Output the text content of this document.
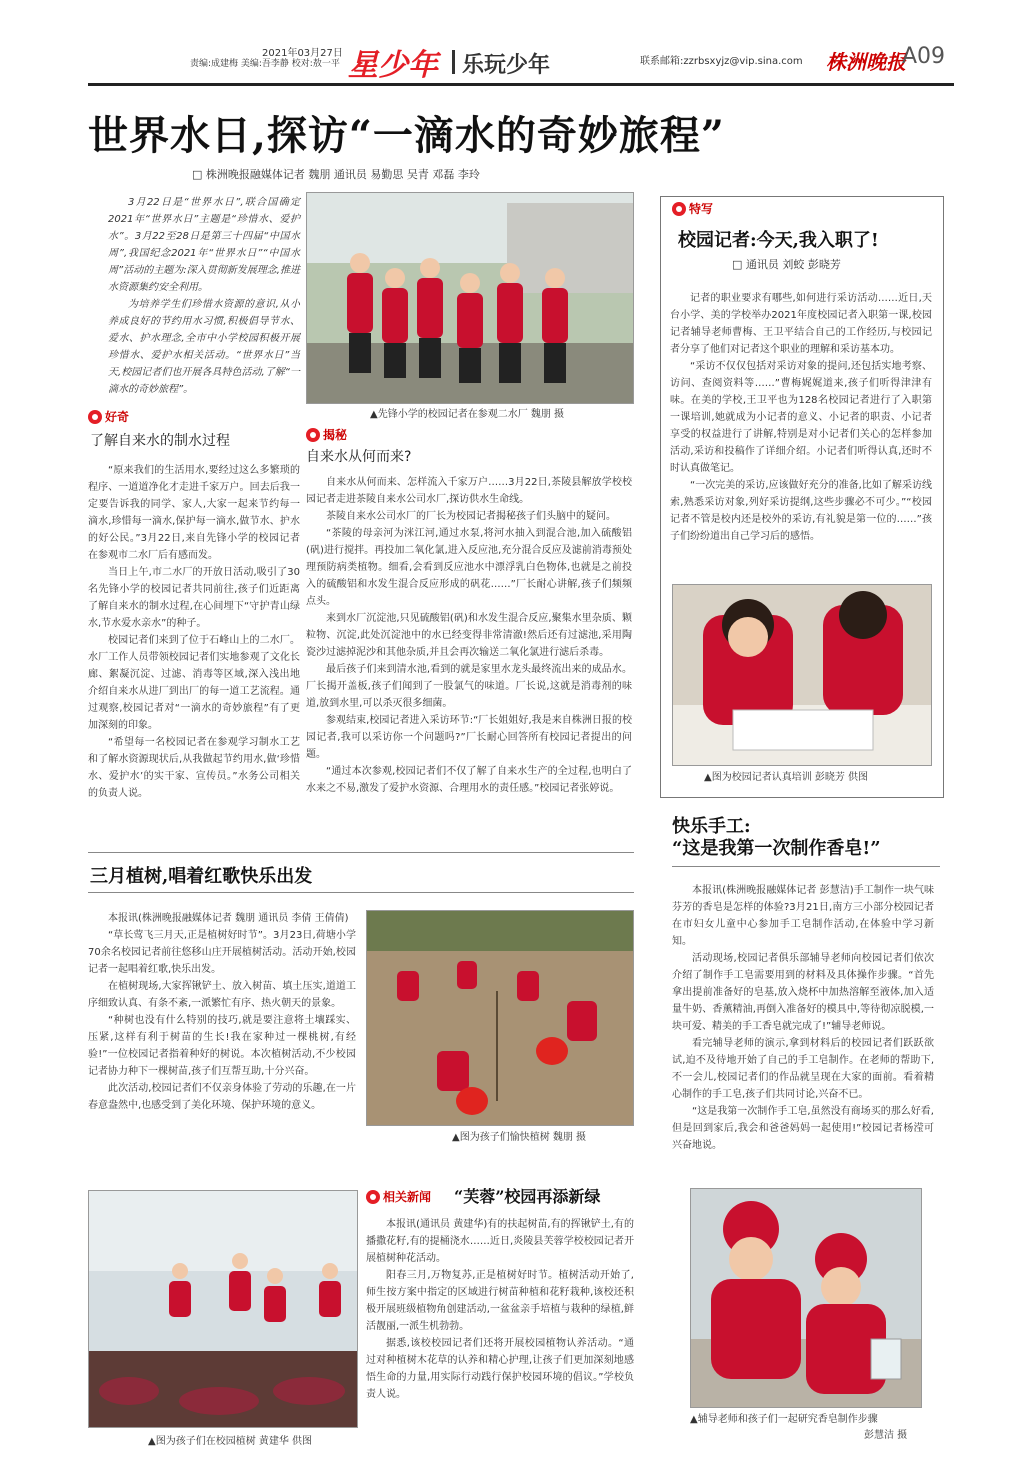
2021年03月27日
责编:成建梅 美编:吾李静 校对:敖一平 星少年 乐玩少年	联系邮箱:zzrbsxyjz@vip.sina.com 株洲晚报
A09
世界水日,探访“一滴水的奇妙旅程”
□ 株洲晚报融媒体记者 魏朋 通讯员 易勤思 吴青 邓磊 李玲

3月22日是“世界水日”,联合国确定2021年“世界水日”主题是“珍惜水、爱护水”。3月22至28日是第三十四届“中国水周”,我国纪念2021年“世界水日”“中国水周”活动的主题为:深入贯彻新发展理念,推进水资源集约安全利用。

为培养学生们珍惜水资源的意识,从小养成良好的节约用水习惯,积极倡导节水、爱水、护水理念,全市中小学校园积极开展珍惜水、爱护水相关活动。“世界水日”当天,校园记者们也开展各具特色活动,了解“一滴水的奇妙旅程”。

▲先锋小学的校园记者在参观二水厂 魏朋 摄
好奇
了解自来水的制水过程

“原来我们的生活用水,要经过这么多繁琐的程序、一道道净化才走进千家万户。回去后我一定要告诉我的同学、家人,大家一起来节约每一滴水,珍惜每一滴水,保护每一滴水,做节水、护水的好公民。”3月22日,来自先锋小学的校园记者在参观市二水厂后有感而发。

当日上午,市二水厂的开放日活动,吸引了30名先锋小学的校园记者共同前往,孩子们近距离了解自来水的制水过程,在心间埋下“守护青山绿水,节水爱水亲水”的种子。

校园记者们来到了位于石峰山上的二水厂。水厂工作人员带领校园记者们实地参观了文化长廊、絮凝沉淀、过滤、消毒等区域,深入浅出地介绍自来水从进厂到出厂的每一道工艺流程。通过观察,校园记者对“一滴水的奇妙旅程”有了更加深刻的印象。

“希望每一名校园记者在参观学习制水工艺和了解水资源现状后,从我做起节约用水,做‘珍惜水、爱护水’的实干家、宣传员。”水务公司相关的负责人说。

揭秘
自来水从何而来?

自来水从何而来、怎样流入千家万户……3月22日,茶陵县解放学校校园记者走进茶陵自来水公司水厂,探访供水生命线。

茶陵自来水公司水厂的厂长为校园记者揭秘孩子们头脑中的疑问。

“茶陵的母亲河为洣江河,通过水泵,将河水抽入到混合池,加入硫酸铝(矾)进行搅拌。再投加二氧化氯,进入反应池,充分混合反应及滤前消毒预处理预防病类植物。细看,会看到反应池水中漂浮乳白色物体,也就是之前投入的硫酸铝和水发生混合反应形成的矾花……”厂长耐心讲解,孩子们频频点头。

来到水厂沉淀池,只见硫酸铝(矾)和水发生混合反应,聚集水里杂质、颗粒物、沉淀,此处沉淀池中的水已经变得非常清澈!然后还有过滤池,采用陶瓷沙过滤掉泥沙和其他杂质,并且会再次输送二氧化氯进行滤后杀毒。

最后孩子们来到清水池,看到的就是家里水龙头最终流出来的成品水。厂长揭开盖板,孩子们闻到了一股氯气的味道。厂长说,这就是消毒剂的味道,放到水里,可以杀灭很多细菌。

参观结束,校园记者进入采访环节:“厂长姐姐好,我是来自株洲日报的校园记者,我可以采访你一个问题吗?”厂长耐心回答所有校园记者提出的问题。

“通过本次参观,校园记者们不仅了解了自来水生产的全过程,也明白了水来之不易,激发了爱护水资源、合理用水的责任感。”校园记者张婷说。

特写
校园记者:今天,我入职了!
□ 通讯员 刘蛟 彭晓芳

记者的职业要求有哪些,如何进行采访活动……近日,天台小学、美的学校举办2021年度校园记者入职第一课,校园记者辅导老师曹梅、王卫平结合自己的工作经历,与校园记者分享了他们对记者这个职业的理解和采访基本功。

“采访不仅仅包括对采访对象的提问,还包括实地考察、访问、查阅资料等……”曹梅娓娓道来,孩子们听得津津有味。在美的学校,王卫平也为128名校园记者进行了入职第一课培训,她就成为小记者的意义、小记者的职责、小记者享受的权益进行了讲解,特别是对小记者们关心的怎样参加活动,采访和投稿作了详细介绍。小记者们听得认真,还时不时认真做笔记。

“一次完美的采访,应该做好充分的准备,比如了解采访线索,熟悉采访对象,列好采访提纲,这些步骤必不可少。”“校园记者不管是校内还是校外的采访,有礼貌是第一位的……”孩子们纷纷道出自己学习后的感悟。

▲图为校园记者认真培训 彭晓芳 供图
快乐手工:
“这是我第一次制作香皂!”

本报讯(株洲晚报融媒体记者 彭慧洁)手工制作一块气味芬芳的香皂是怎样的体验?3月21日,南方三小部分校园记者在市妇女儿童中心参加手工皂制作活动,在体验中学习新知。

活动现场,校园记者俱乐部辅导老师向校园记者们依次介绍了制作手工皂需要用到的材料及具体操作步骤。“首先拿出提前准备好的皂基,放入烧杯中加热溶解至液体,加入适量牛奶、香薰精油,再倒入准备好的模具中,等待彻凉脱模,一块可爱、精美的手工香皂就完成了!”辅导老师说。

看完辅导老师的演示,拿到材料后的校园记者们跃跃欲试,迫不及待地开始了自己的手工皂制作。在老师的帮助下,不一会儿,校园记者们的作品就呈现在大家的面前。看着精心制作的手工皂,孩子们共同讨论,兴奋不已。

“这是我第一次制作手工皂,虽然没有商场买的那么好看,但是回到家后,我会和爸爸妈妈一起使用!”校园记者杨滢可兴奋地说。

▲辅导老师和孩子们一起研究香皂制作步骤
彭慧洁 摄
三月植树,唱着红歌快乐出发

本报讯(株洲晚报融媒体记者 魏朋 通讯员 李倩 王倩倩)

“草长莺飞三月天,正是植树好时节”。3月23日,荷塘小学70余名校园记者前往悠移山庄开展植树活动。活动开始,校园记者一起唱着红歌,快乐出发。

在植树现场,大家挥锹铲土、放入树苗、填土压实,道道工序细致认真、有条不紊,一派繁忙有序、热火朝天的景象。

“种树也没有什么特别的技巧,就是要注意将土壤踩实、压紧,这样有利于树苗的生长!我在家种过一棵桃树,有经验!”一位校园记者指着种好的树说。本次植树活动,不少校园记者协力种下一棵树苗,孩子们互帮互助,十分兴奋。

此次活动,校园记者们不仅亲身体验了劳动的乐趣,在一片春意盎然中,也感受到了美化环境、保护环境的意义。

▲图为孩子们愉快植树 魏朋 摄
相关新闻 “芙蓉”校园再添新绿

本报讯(通讯员 黄建华)有的扶起树苗,有的挥锹铲土,有的播撒花籽,有的提桶浇水……近日,炎陵县芙蓉学校校园记者开展植树种花活动。

阳春三月,万物复苏,正是植树好时节。植树活动开始了,师生按方案中指定的区域进行树苗种植和花籽栽种,该校还积极开展班级植物角创建活动,一盆盆亲手培植与栽种的绿植,鲜活靓丽,一派生机勃勃。

据悉,该校校园记者们还将开展校园植物认养活动。“通过对种植树木花草的认养和精心护理,让孩子们更加深刻地感悟生命的力量,用实际行动践行保护校园环境的倡议。”学校负责人说。

▲图为孩子们在校园植树 黄建华 供图
